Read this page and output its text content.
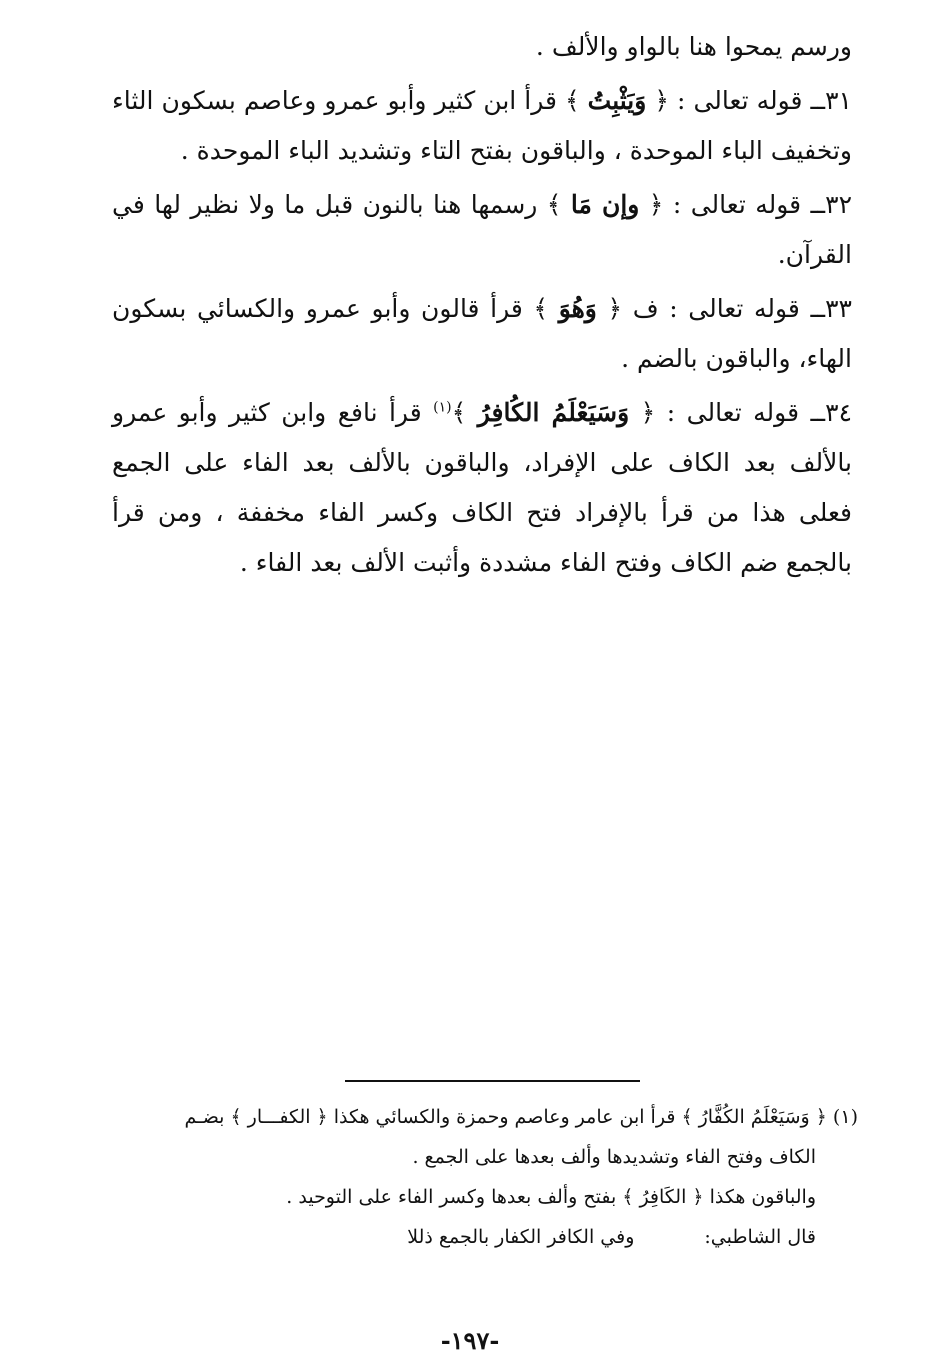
ورسم يمحوا هنا بالواو والألف .

٣١ــ قوله تعالى : ﴿ وَيَثْبِتُ ﴾ قرأ ابن كثير وأبو عمرو وعاصم بسكون الثاء وتخفيف الباء الموحدة ، والباقون بفتح التاء وتشديد الباء الموحدة .

٣٢ــ قوله تعالى : ﴿ وإن مَا ﴾ رسمها هنا بالنون قبل ما ولا نظير لها في القرآن.

٣٣ــ قوله تعالى : ف ﴿ وَهُوَ ﴾ قرأ قالون وأبو عمرو والكسائي بسكون الهاء، والباقون بالضم .

٣٤ــ قوله تعالى : ﴿ وَسَيَعْلَمُ الكُافِرُ ﴾$^{(١)}$ قرأ نافع وابن كثير وأبو عمرو بالألف بعد الكاف على الإفراد، والباقون بالألف بعد الفاء على الجمع فعلى هذا من قرأ بالإفراد فتح الكاف وكسر الفاء مخففة ، ومن قرأ بالجمع ضم الكاف وفتح الفاء مشددة وأثبت الألف بعد الفاء .

(١) ﴿ وَسَيَعْلَمُ الكُفَّارُ ﴾ قرأ ابن عامر وعاصم وحمزة والكسائي هكذا ﴿ الكفـــار ﴾ بضـم

الكاف وفتح الفاء وتشديدها وألف بعدها على الجمع .

والباقون هكذا ﴿ الكَافِرُ ﴾ بفتح وألف بعدها وكسر الفاء على التوحيد .

قال الشاطبي:
وفي الكافر الكفار بالجمع ذللا

-١٩٧-
